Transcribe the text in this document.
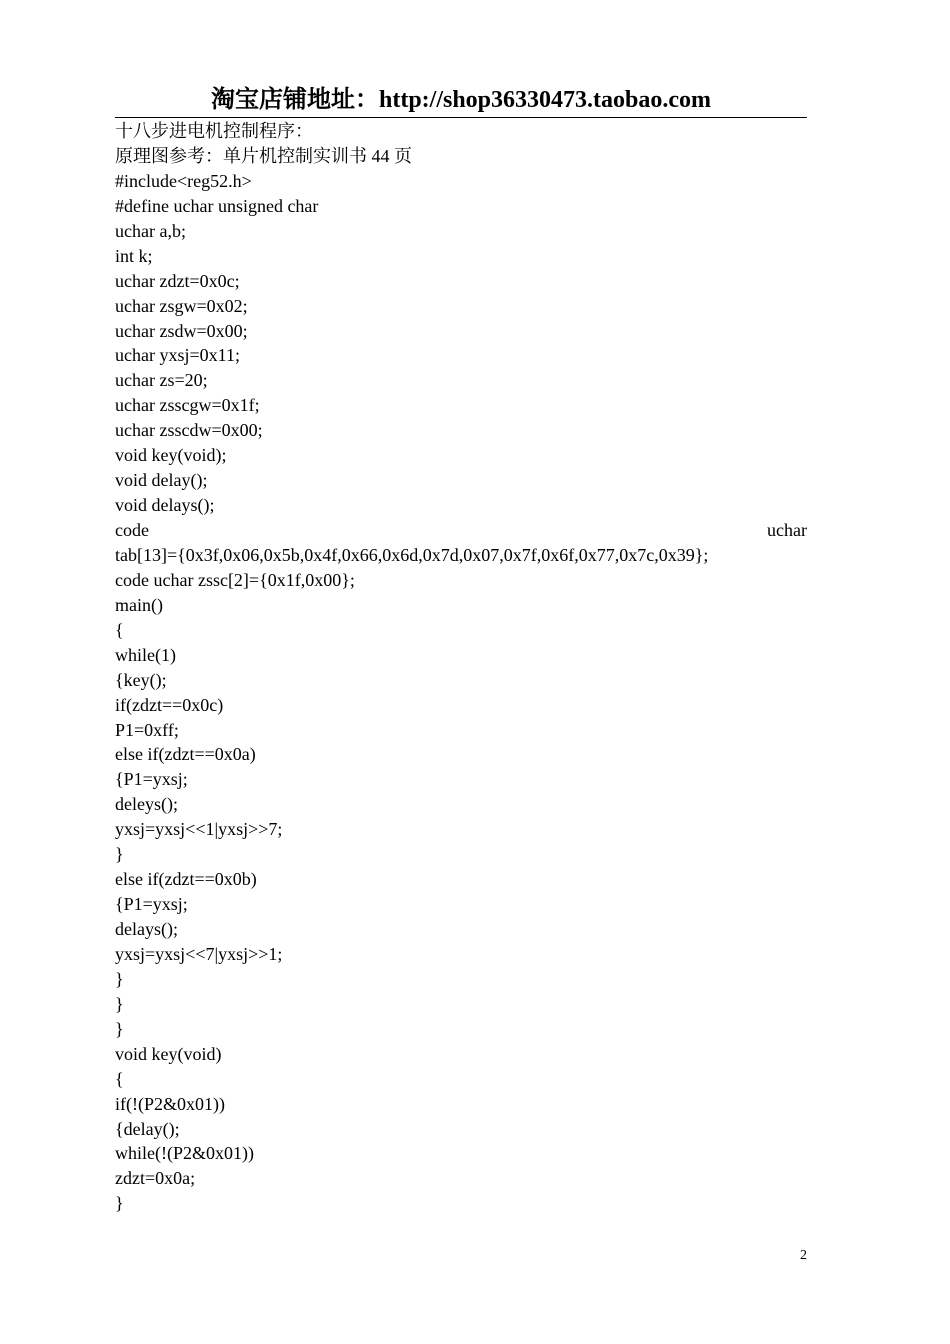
淘宝店铺地址：http://shop36330473.taobao.com
十八步进电机控制程序：
原理图参考：单片机控制实训书 44 页
#include<reg52.h>
#define uchar unsigned char
uchar a,b;
int k;
uchar zdzt=0x0c;
uchar zsgw=0x02;
uchar zsdw=0x00;
uchar yxsj=0x11;
uchar zs=20;
uchar zsscgw=0x1f;
uchar zsscdw=0x00;
void key(void);
void delay();
void delays();
code	uchar
tab[13]={0x3f,0x06,0x5b,0x4f,0x66,0x6d,0x7d,0x07,0x7f,0x6f,0x77,0x7c,0x39};
code uchar zssc[2]={0x1f,0x00};
main()
{
while(1)
{key();
if(zdzt==0x0c)
P1=0xff;
else if(zdzt==0x0a)
{P1=yxsj;
deleys();
yxsj=yxsj<<1|yxsj>>7;
}
else if(zdzt==0x0b)
{P1=yxsj;
delays();
yxsj=yxsj<<7|yxsj>>1;
}
}
}
void key(void)
{
if(!(P2&0x01))
{delay();
while(!(P2&0x01))
zdzt=0x0a;
}
2
